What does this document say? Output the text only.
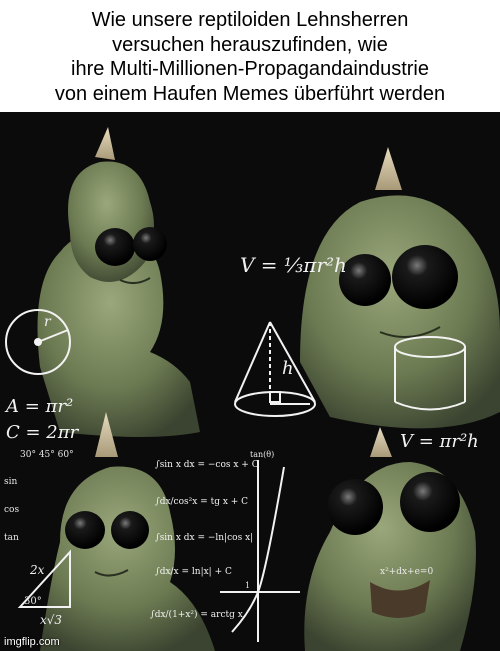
Wie unsere reptiloiden Lehnsherren
versuchen herauszufinden, wie
ihre Multi-Millionen-Propagandaindustrie
von einem Haufen Memes überführt werden
V = ⅓πr²h
A = πr²
C = 2πr	V = πr²h
r
h
∫sin x dx = −cos x + C
∫dx/cos²x = tg x + C
∫sin x dx = −ln|cos x|
∫dx/x = ln|x| + C
∫dx/(1+x²) = arctg x
30° 45° 60°
sin
cos
tan
2x
30°
x√3
tan(θ)
1
x²+dx+e=0
imgflip.com
